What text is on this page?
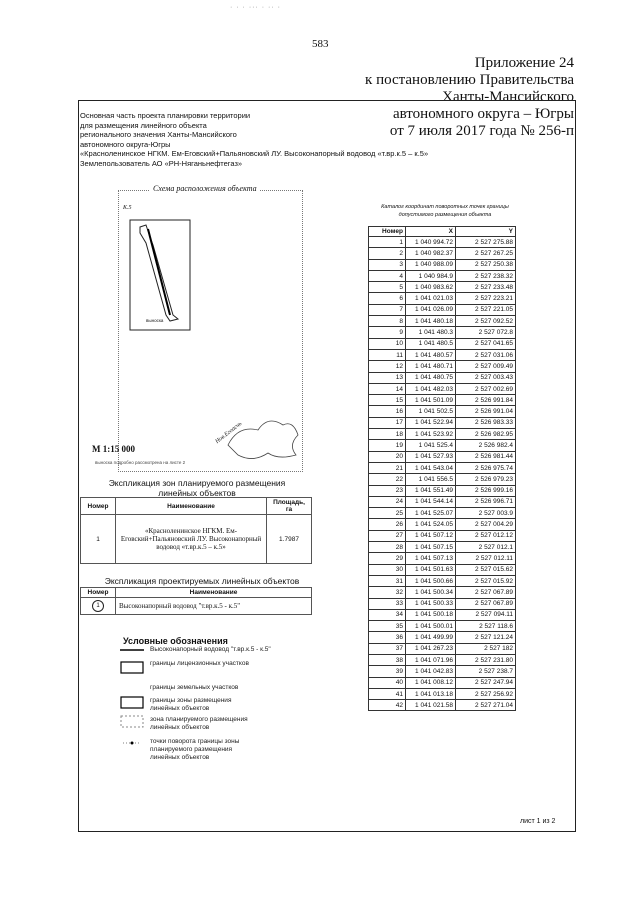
· · · ··· · ·· ·
583
Приложение 24
к постановлению Правительства
Ханты-Мансийского
автономного округа – Югры
от 7 июля 2017 года № 256-п
Основная часть проекта планировки территории
для размещения линейного объекта
регионального значения Ханты-Мансийского
автономного округа-Югры
«Красноленинское НГКМ. Ем-Еговский+Пальяновский ЛУ. Высоконапорный водовод «т.вр.к.5 – к.5»
Землепользователь АО «РН-Няганьнефтегаз»
Схема расположения объекта
К.5
выноска
Нов.Егоасчь
М 1:15 000
выноска подробно рассмотрена на листе 2
Каталог координат поворотных точек границы допустимого размещения объекта
Номер	X	Y
1	1 040 994.72	2 527 275.88
2	1 040 982.37	2 527 267.25
3	1 040 988.09	2 527 250.38
4	1 040 984.9	2 527 238.32
5	1 040 983.62	2 527 233.48
6	1 041 021.03	2 527 223.21
7	1 041 026.09	2 527 221.05
8	1 041 480.18	2 527 092.52
9	1 041 480.3	2 527 072.8
10	1 041 480.5	2 527 041.65
11	1 041 480.57	2 527 031.06
12	1 041 480.71	2 527 009.49
13	1 041 480.75	2 527 003.43
14	1 041 482.03	2 527 002.69
15	1 041 501.09	2 526 991.84
16	1 041 502.5	2 526 991.04
17	1 041 522.94	2 526 983.33
18	1 041 523.92	2 526 982.95
19	1 041 525.4	2 526 982.4
20	1 041 527.93	2 526 981.44
21	1 041 543.04	2 526 975.74
22	1 041 556.5	2 526 979.23
23	1 041 551.49	2 526 999.16
24	1 041 544.14	2 526 996.71
25	1 041 525.07	2 527 003.9
26	1 041 524.05	2 527 004.29
27	1 041 507.12	2 527 012.12
28	1 041 507.15	2 527 012.1
29	1 041 507.13	2 527 012.11
30	1 041 501.63	2 527 015.62
31	1 041 500.66	2 527 015.92
32	1 041 500.34	2 527 067.89
33	1 041 500.33	2 527 067.89
34	1 041 500.18	2 527 094.11
35	1 041 500.01	2 527 118.6
36	1 041 499.99	2 527 121.24
37	1 041 267.23	2 527 182
38	1 041 071.96	2 527 231.80
39	1 041 042.83	2 527 238.7
40	1 041 008.12	2 527 247.94
41	1 041 013.18	2 527 256.92
42	1 041 021.58	2 527 271.04
Экспликация зон планируемого размещения линейных объектов
Номер	Наименование	Площадь, га
1	«Красноленинское НГКМ. Ем-Еговский+Пальяновский ЛУ. Высоконапорный водовод «т.вр.к.5 – к.5»	1.7987
Экспликация проектируемых линейных объектов
Номер	Наименование
1	Высоконапорный водовод "т.вр.к.5 - к.5"
Условные обозначения
Высоконапорный водовод "т.вр.к.5 - к.5"
границы лицензионных участков
границы земельных участков
границы зоны размещения линейных объектов
зона планируемого размещения линейных объектов
точки поворота границы зоны планируемого размещения линейных объектов
лист 1 из 2
